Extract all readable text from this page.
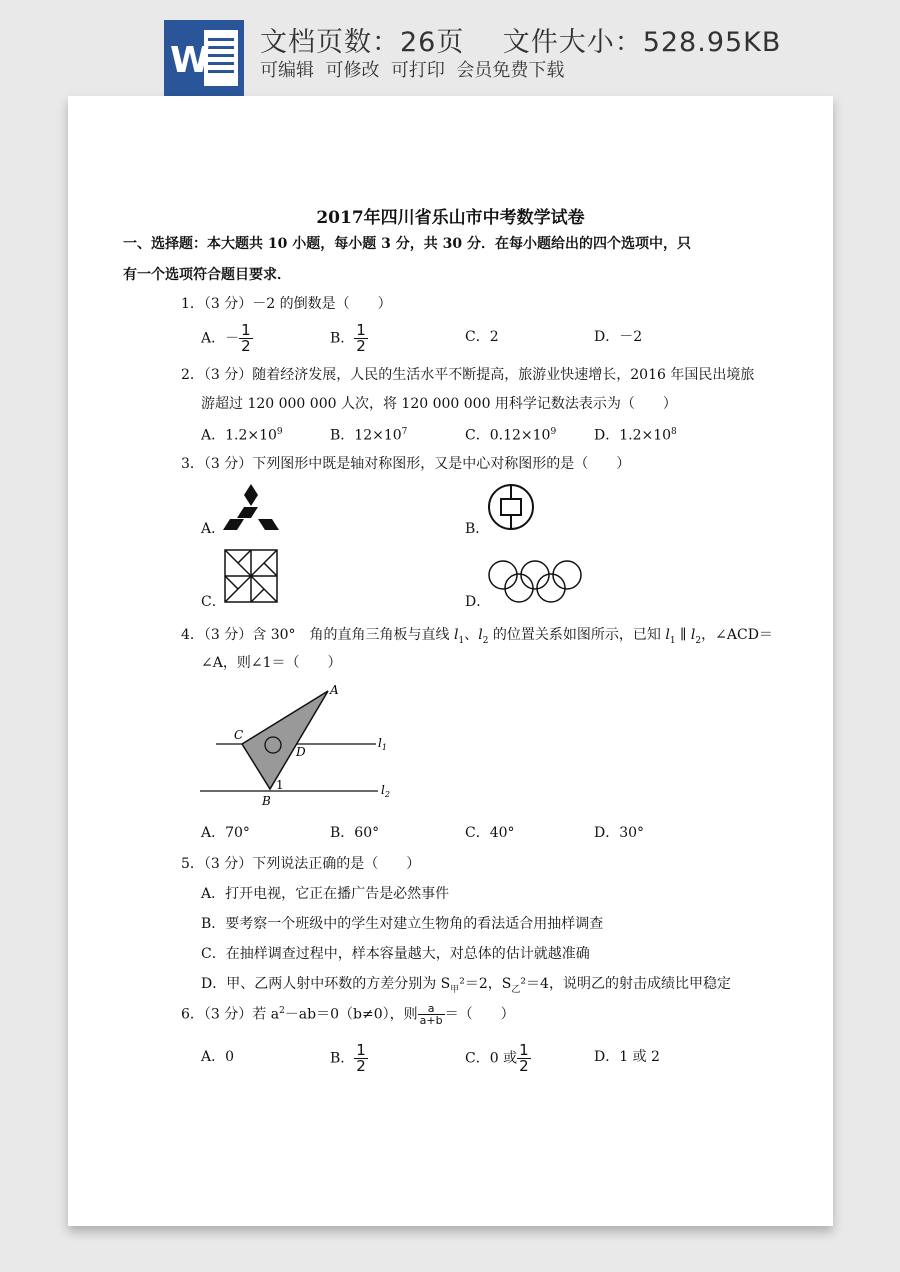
W 文档页数：26页 文件大小：528.95KB
可编辑  可修改  可打印  会员免费下载
2017年四川省乐山市中考数学试卷
一、选择题：本大题共 10 小题，每小题 3 分，共 30 分．在每小题给出的四个选项中，只
有一个选项符合题目要求．
1．（3 分）－2 的倒数是（　　）
A．－ $\frac{1}{2}$	B． $\frac{1}{2}$	C．2	D．－2
2．（3 分）随着经济发展，人民的生活水平不断提高，旅游业快速增长，2016 年国民出境旅
游超过 120 000 000 人次，将 120 000 000 用科学记数法表示为（　　）
A．$1.2\times 10^9$	B．$12\times 10^7$	C．$0.12\times 10^9$	D．$1.2\times 10^8$
3．（3 分）下列图形中既是轴对称图形，又是中心对称图形的是（　　）
A．	B．
C．	D．
4．（3 分）含 30°　角的直角三角板与直线 $l_1$、$l_2$ 的位置关系如图所示，已知 $l_1$ ∥ $l_2$，∠ACD＝
∠A，则∠1＝（　　）
A
C
D
B
1
$l_1$
$l_2$
A．70°	B．60°	C．40°	D．30°
5．（3 分）下列说法正确的是（　　）
A．打开电视，它正在播广告是必然事件
B．要考察一个班级中的学生对建立生物角的看法适合用抽样调查
C．在抽样调查过程中，样本容量越大，对总体的估计就越准确
D．甲、乙两人射中环数的方差分别为 $S_甲^2=2$，$S_乙^2=4$，说明乙的射击成绩比甲稳定
6．（3 分）若 $a^2-ab=0(b\ne 0)$，则 $\frac{a}{a+b}$ ＝（　　）
A．0	B． $\frac{1}{2}$	C．0 或 $\frac{1}{2}$	D．1 或 2
